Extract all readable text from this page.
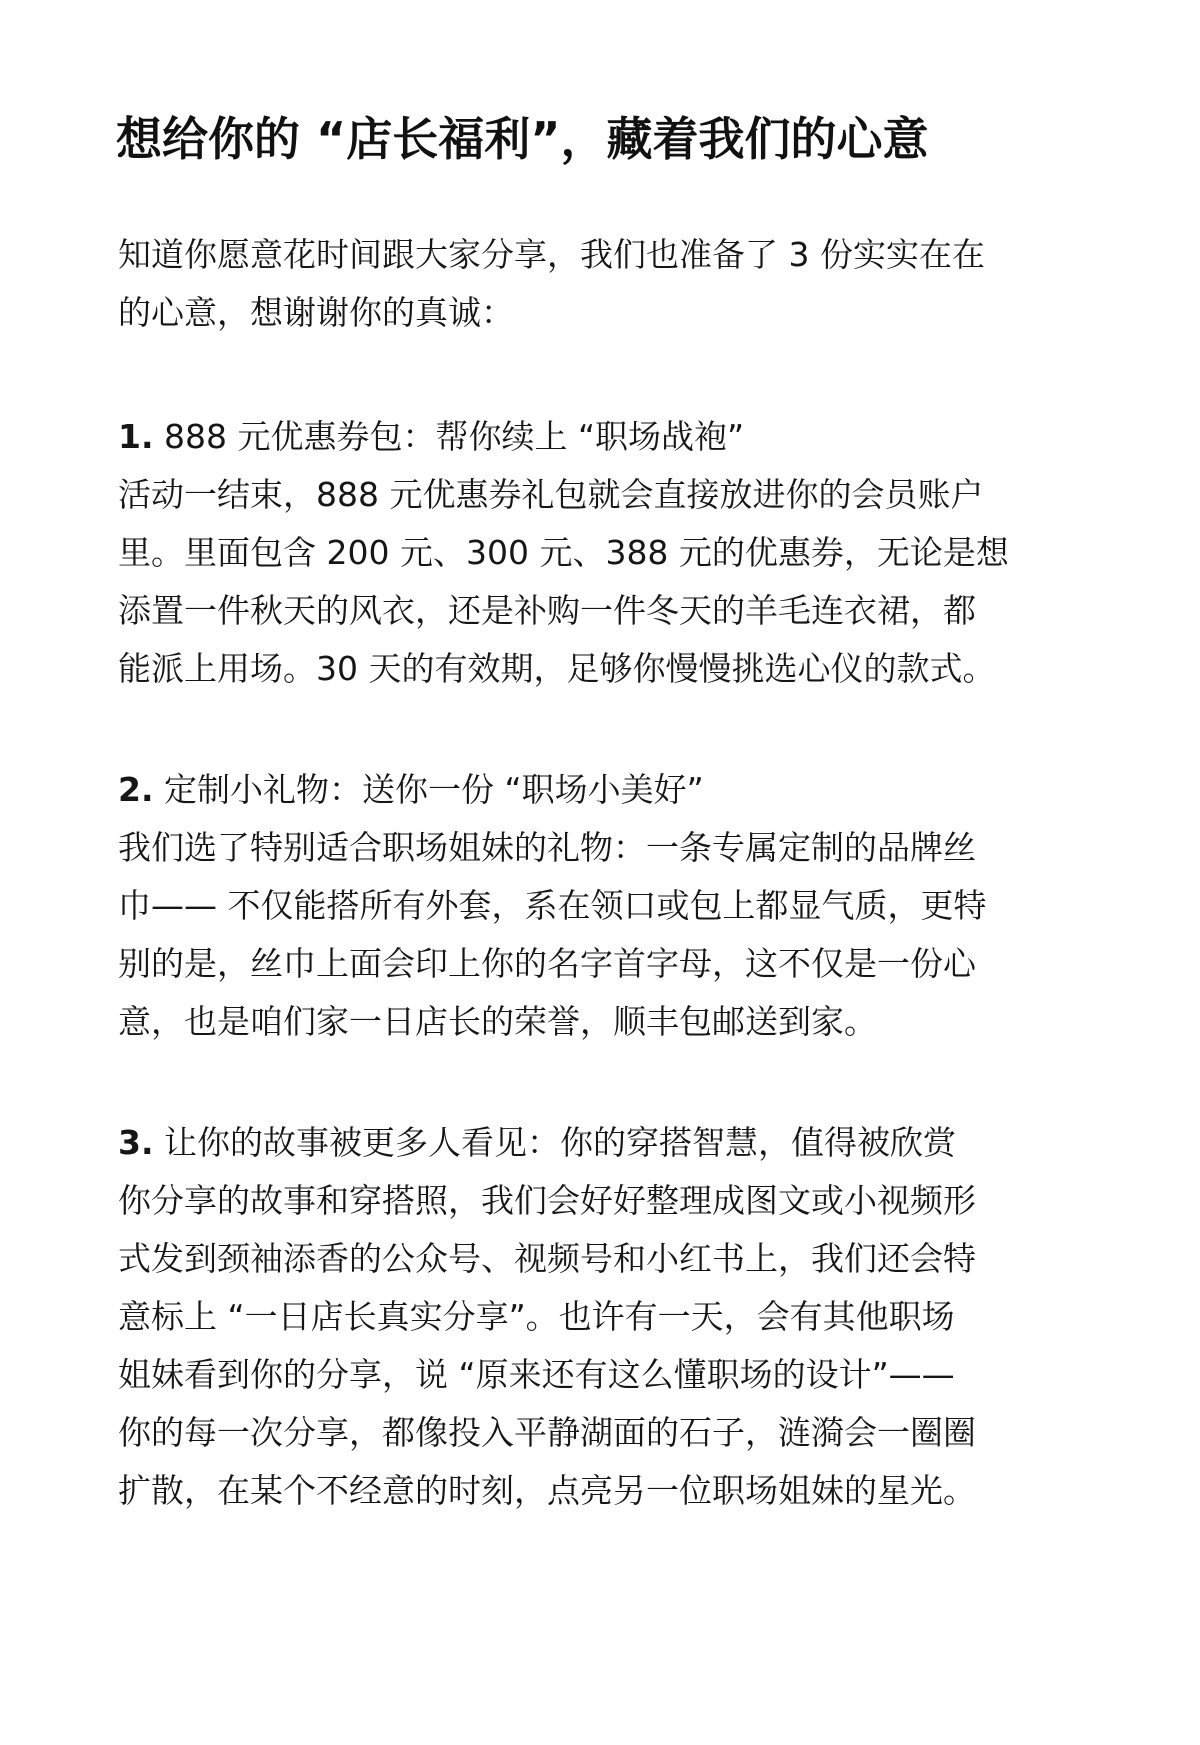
想给你的 “店长福利”，藏着我们的心意
知道你愿意花时间跟大家分享，我们也准备了 3 份实实在在
的心意，想谢谢你的真诚：
1. 888 元优惠券包：帮你续上 “职场战袍”
活动一结束，888 元优惠券礼包就会直接放进你的会员账户
里。里面包含 200 元、300 元、388 元的优惠券，无论是想
添置一件秋天的风衣，还是补购一件冬天的羊毛连衣裙，都
能派上用场。30 天的有效期，足够你慢慢挑选心仪的款式。
2. 定制小礼物：送你一份 “职场小美好”
我们选了特别适合职场姐妹的礼物：一条专属定制的品牌丝
巾—— 不仅能搭所有外套，系在领口或包上都显气质，更特
别的是，丝巾上面会印上你的名字首字母，这不仅是一份心
意，也是咱们家一日店长的荣誉，顺丰包邮送到家。
3. 让你的故事被更多人看见：你的穿搭智慧，值得被欣赏
你分享的故事和穿搭照，我们会好好整理成图文或小视频形
式发到颈袖添香的公众号、视频号和小红书上，我们还会特
意标上 “一日店长真实分享”。也许有一天，会有其他职场
姐妹看到你的分享，说 “原来还有这么懂职场的设计”——
你的每一次分享，都像投入平静湖面的石子，涟漪会一圈圈
扩散，在某个不经意的时刻，点亮另一位职场姐妹的星光。
